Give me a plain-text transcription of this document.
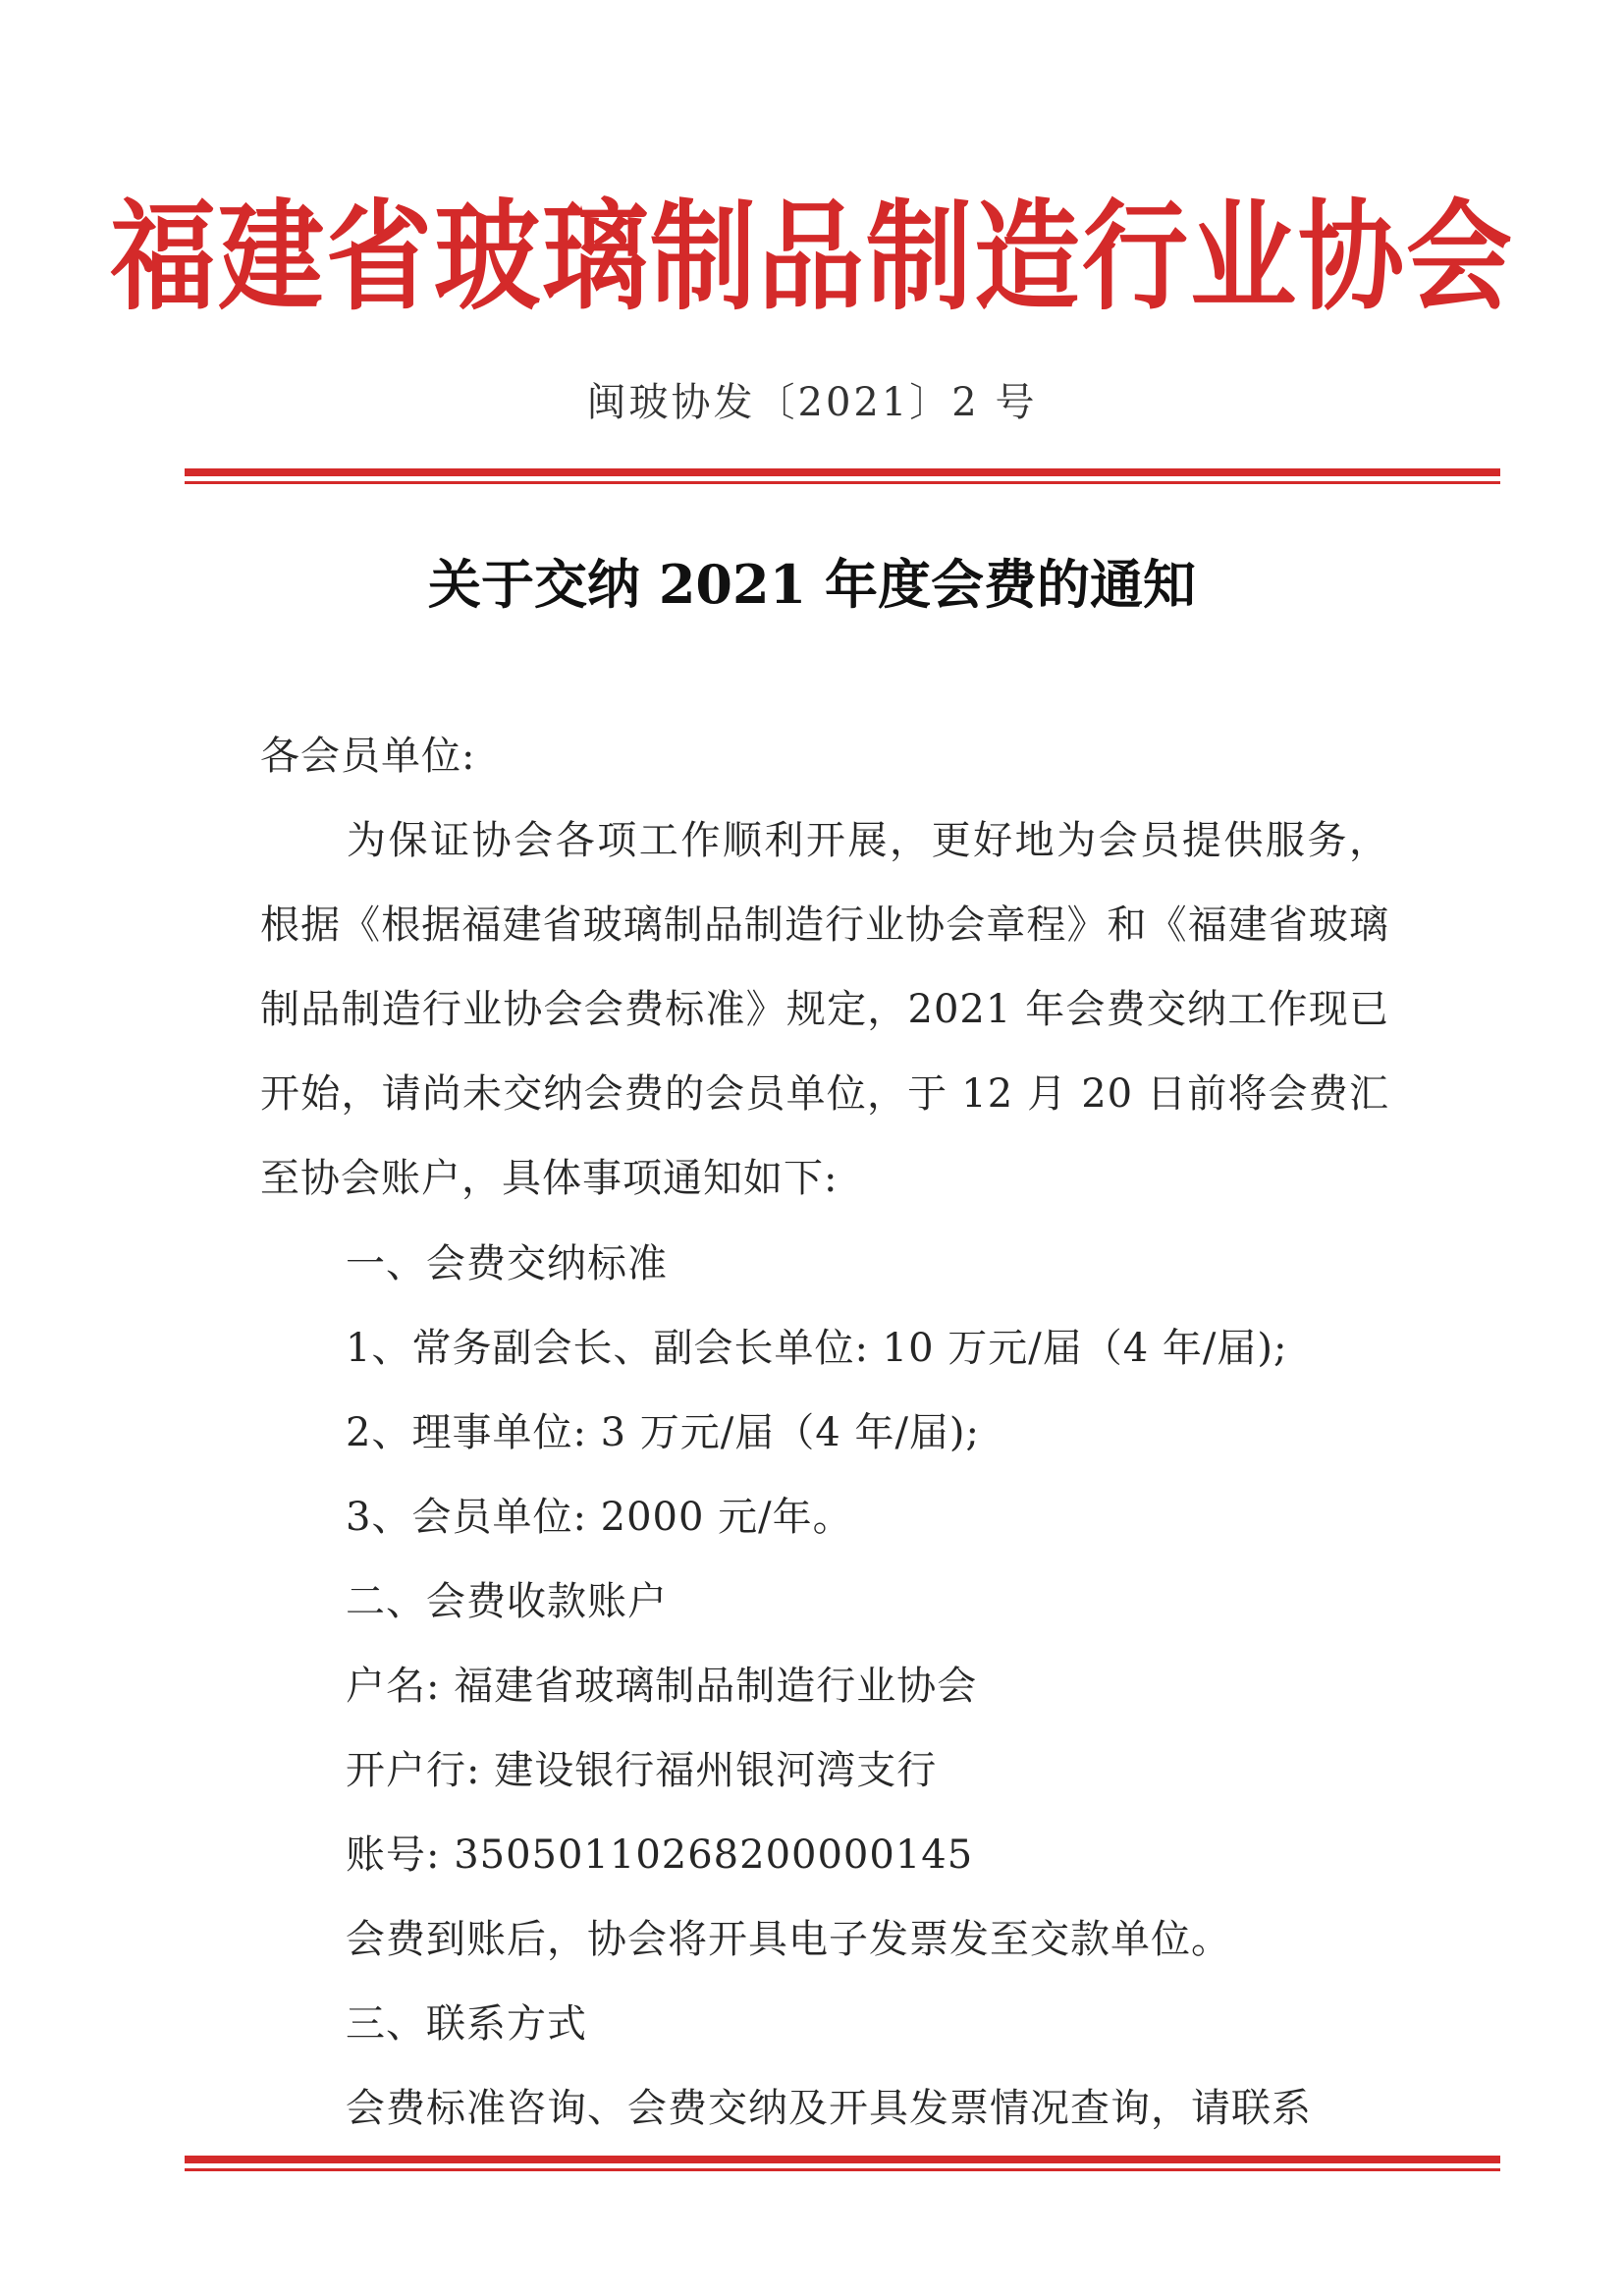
福建省玻璃制品制造行业协会
闽玻协发〔2021〕2 号
关于交纳 2021 年度会费的通知
各会员单位:
为保证协会各项工作顺利开展，更好地为会员提供服务，根据《根据福建省玻璃制品制造行业协会章程》和《福建省玻璃制品制造行业协会会费标准》规定，2021 年会费交纳工作现已开始，请尚未交纳会费的会员单位，于 12 月 20 日前将会费汇至协会账户，具体事项通知如下:
一、会费交纳标准
1、常务副会长、副会长单位: 10 万元/届（4 年/届);
2、理事单位: 3 万元/届（4 年/届);
3、会员单位: 2000 元/年。
二、会费收款账户
户名: 福建省玻璃制品制造行业协会
开户行: 建设银行福州银河湾支行
账号: 35050110268200000145
会费到账后，协会将开具电子发票发至交款单位。
三、联系方式
会费标准咨询、会费交纳及开具发票情况查询，请联系
